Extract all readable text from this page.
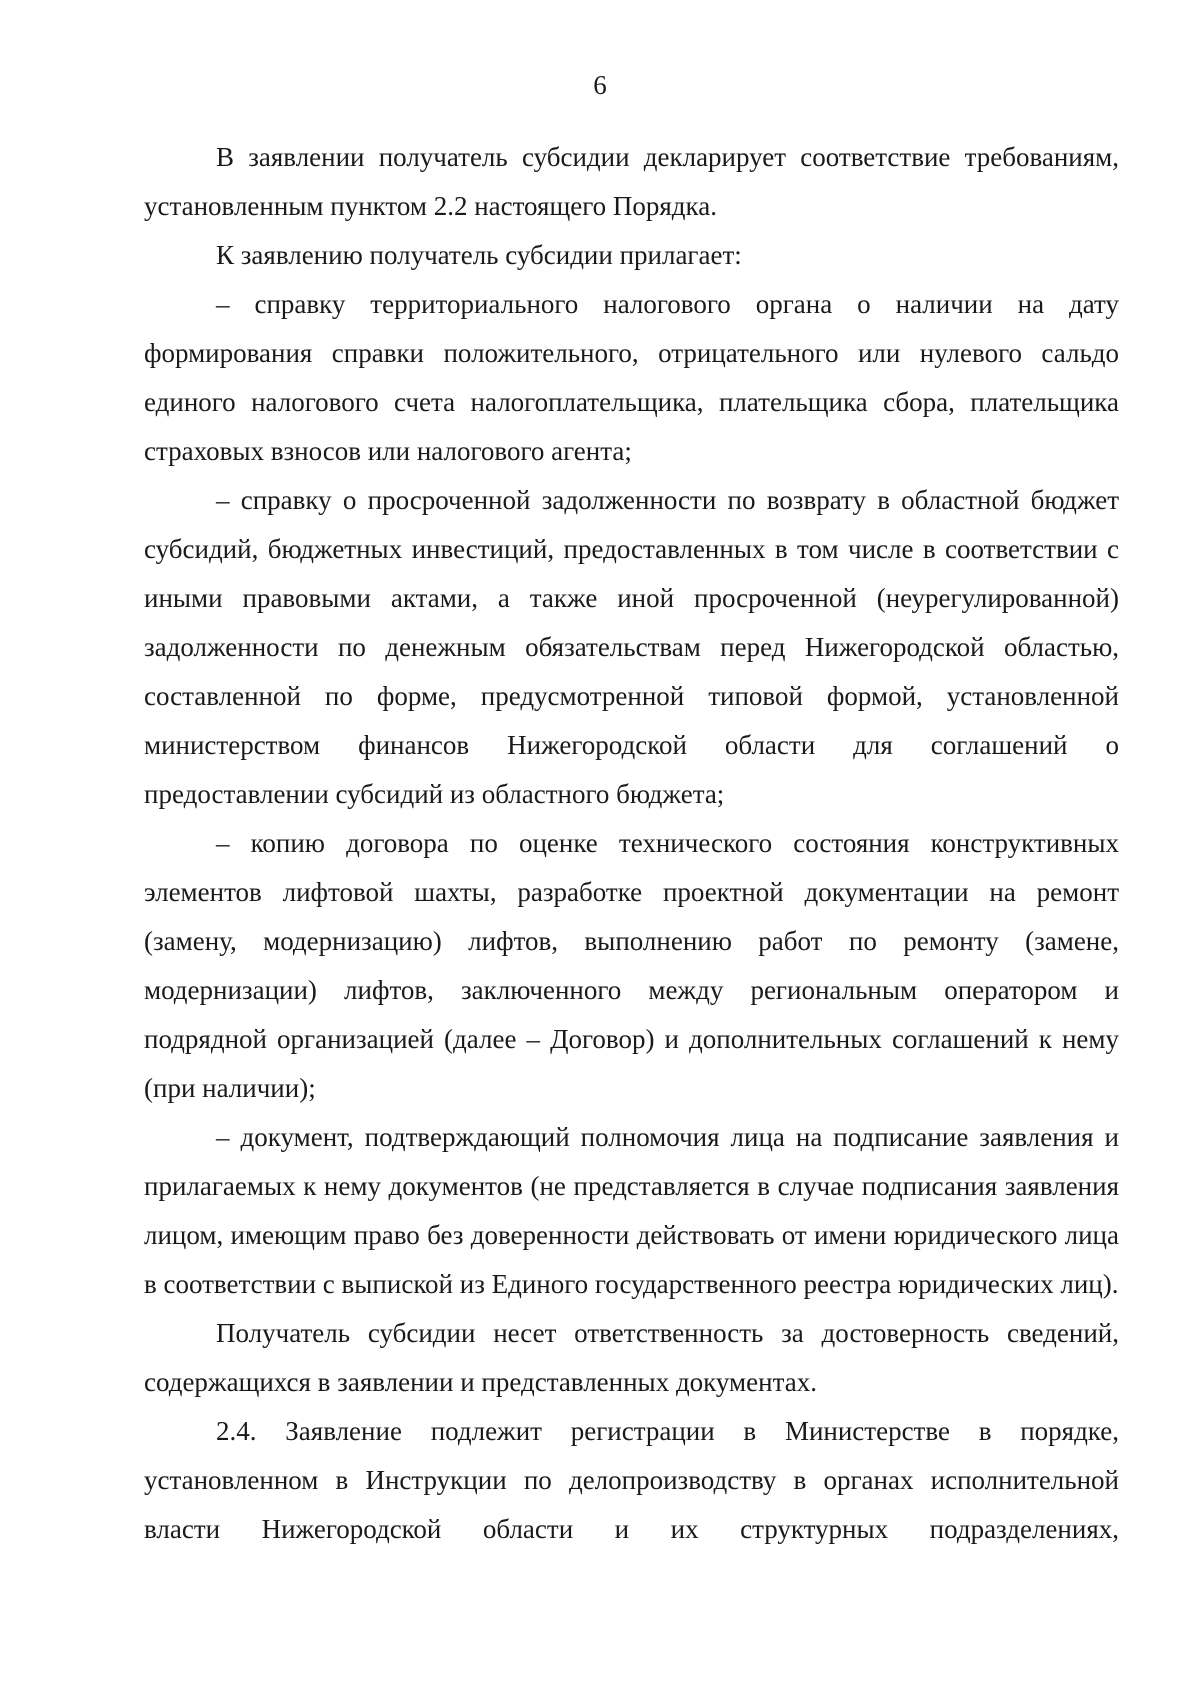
6

В заявлении получатель субсидии декларирует соответствие требованиям, установленным пунктом 2.2 настоящего Порядка.

К заявлению получатель субсидии прилагает:

– справку территориального налогового органа о наличии на дату формирования справки положительного, отрицательного или нулевого сальдо единого налогового счета налогоплательщика, плательщика сбора, плательщика страховых взносов или налогового агента;

– справку о просроченной задолженности по возврату в областной бюджет субсидий, бюджетных инвестиций, предоставленных в том числе в соответствии с иными правовыми актами, а также иной просроченной (неурегулированной) задолженности по денежным обязательствам перед Нижегородской областью, составленной по форме, предусмотренной типовой формой, установленной министерством финансов Нижегородской области для соглашений о предоставлении субсидий из областного бюджета;

– копию договора по оценке технического состояния конструктивных элементов лифтовой шахты, разработке проектной документации на ремонт (замену, модернизацию) лифтов, выполнению работ по ремонту (замене, модернизации) лифтов, заключенного между региональным оператором и подрядной организацией (далее – Договор) и дополнительных соглашений к нему (при наличии);

– документ, подтверждающий полномочия лица на подписание заявления и прилагаемых к нему документов (не представляется в случае подписания заявления лицом, имеющим право без доверенности действовать от имени юридического лица в соответствии с выпиской из Единого государственного реестра юридических лиц).

Получатель субсидии несет ответственность за достоверность сведений, содержащихся в заявлении и представленных документах.

2.4. Заявление подлежит регистрации в Министерстве в порядке, установленном в Инструкции по делопроизводству в органах исполнительной власти Нижегородской области и их структурных подразделениях,
